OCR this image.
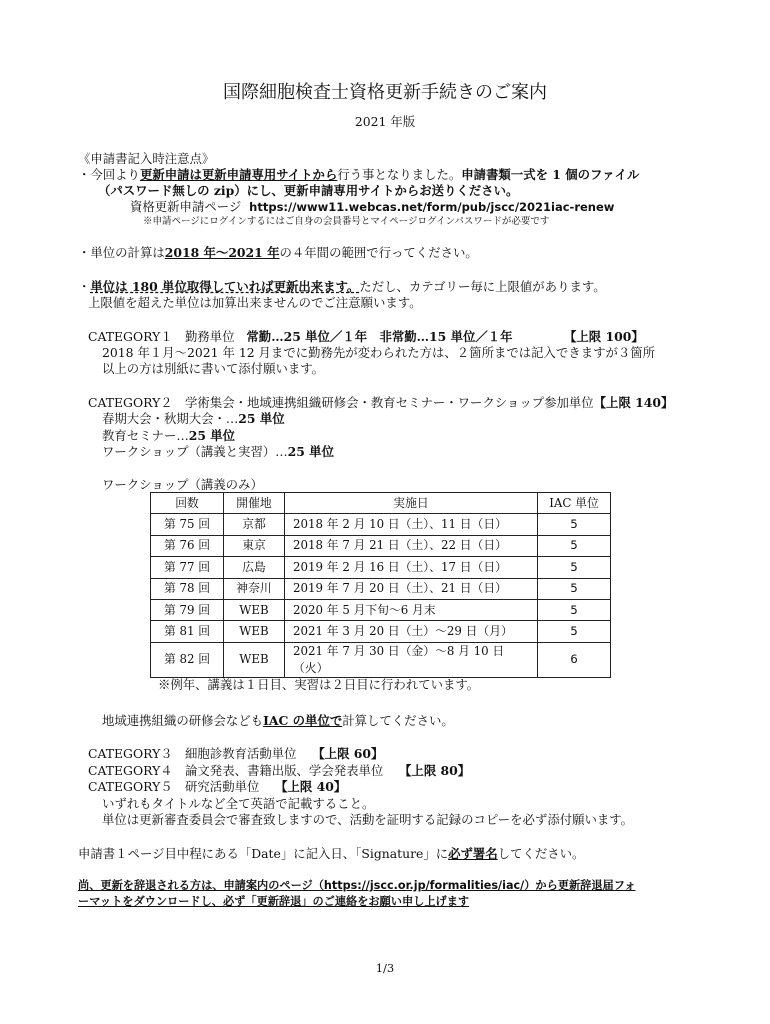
国際細胞検査士資格更新手続きのご案内
2021 年版
《申請書記入時注意点》
・今回より更新申請は更新申請専用サイトから行う事となりました。申請書類一式を 1 個のファイル
（パスワード無しの zip）にし、更新申請専用サイトからお送りください。
資格更新申請ページ https://www11.webcas.net/form/pub/jscc/2021iac-renew
※申請ページにログインするにはご自身の会員番号とマイページログインパスワードが必要です
・単位の計算は2018 年～2021 年の４年間の範囲で行ってください。
・単位は 180 単位取得していれば更新出来ます。ただし、カテゴリー毎に上限値があります。
上限値を超えた単位は加算出来ませんのでご注意願います。
CATEGORY１　勤務単位 常勤…25 単位／１年　非常勤…15 単位／１年	【上限 100】
2018 年１月～2021 年 12 月までに勤務先が変わられた方は、２箇所までは記入できますが３箇所
以上の方は別紙に書いて添付願います。
CATEGORY２　学術集会・地域連携組織研修会・教育セミナー・ワークショップ参加単位【上限 140】
春期大会・秋期大会・…25 単位
教育セミナー…25 単位
ワークショップ（講義と実習）…25 単位
ワークショップ（講義のみ）
回数	開催地	実施日	IAC 単位
第 75 回	京都	2018 年 2 月 10 日（土）、11 日（日）	5
第 76 回	東京	2018 年 7 月 21 日（土）、22 日（日）	5
第 77 回	広島	2019 年 2 月 16 日（土）、17 日（日）	5
第 78 回	神奈川	2019 年 7 月 20 日（土）、21 日（日）	5
第 79 回	WEB	2020 年 5 月下旬～6 月末	5
第 81 回	WEB	2021 年 3 月 20 日（土）～29 日（月）	5
第 82 回	WEB	2021 年 7 月 30 日（金）～8 月 10 日（火）	6
※例年、講義は１日目、実習は２日目に行われています。
地域連携組織の研修会などもIAC の単位で計算してください。
CATEGORY３　細胞診教育活動単位 【上限 60】
CATEGORY４　論文発表、書籍出版、学会発表単位 【上限 80】
CATEGORY５　研究活動単位 【上限 40】
いずれもタイトルなど全て英語で記載すること。
単位は更新審査委員会で審査致しますので、活動を証明する記録のコピーを必ず添付願います。
申請書１ページ目中程にある「Date」に記入日、「Signature」に必ず署名してください。
尚、更新を辞退される方は、申請案内のページ（https://jscc.or.jp/formalities/iac/）から更新辞退届フォ
ーマットをダウンロードし、必ず「更新辞退」のご連絡をお願い申し上げます
1/3
